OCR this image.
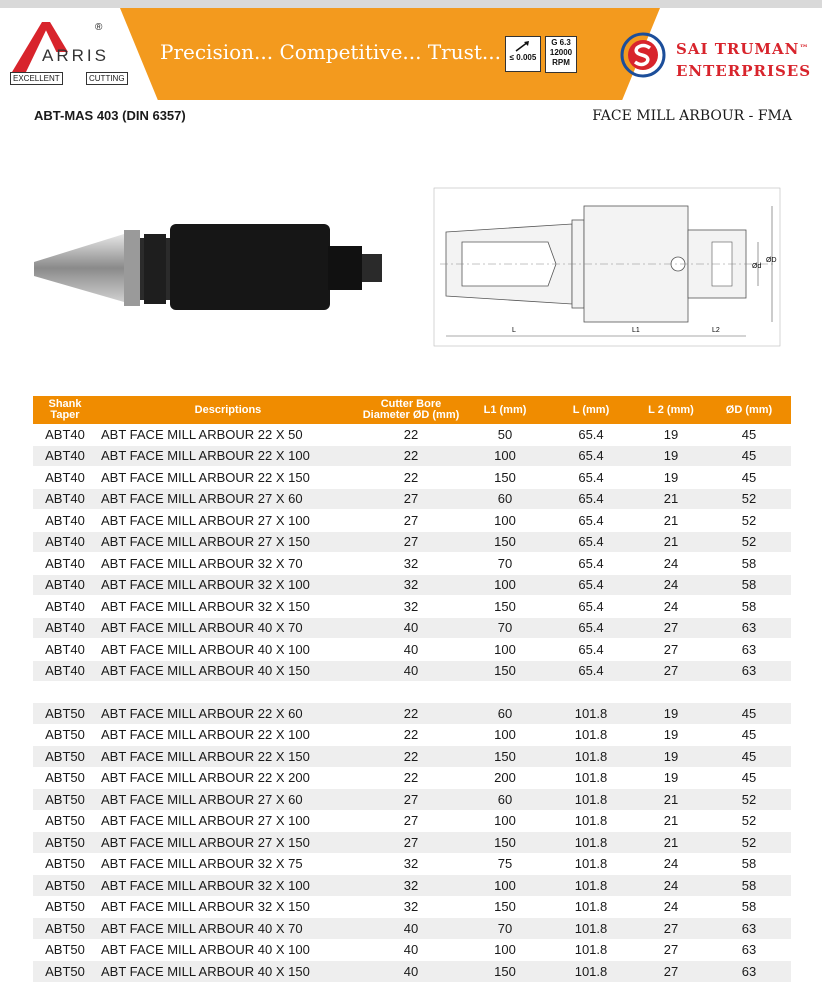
®
ARRIS
EXCELLENT	CUTTING
Precision... Competitive... Trust...	≤ 0.005
G 6.3
12000
RPM
SAI TRUMAN™
ENTERPRISES
ABT-MAS 403 (DIN 6357)	FACE MILL ARBOUR - FMA
L	L1	L2
Ød
ØD
Shank Taper	Descriptions	Cutter Bore Diameter ØD (mm)	L1 (mm)	L (mm)	L 2 (mm)	ØD (mm)
ABT40	ABT FACE MILL ARBOUR 22 X 50	22	50	65.4	19	45
ABT40	ABT FACE MILL ARBOUR 22 X 100	22	100	65.4	19	45
ABT40	ABT FACE MILL ARBOUR 22 X 150	22	150	65.4	19	45
ABT40	ABT FACE MILL ARBOUR 27 X 60	27	60	65.4	21	52
ABT40	ABT FACE MILL ARBOUR 27 X 100	27	100	65.4	21	52
ABT40	ABT FACE MILL ARBOUR 27 X 150	27	150	65.4	21	52
ABT40	ABT FACE MILL ARBOUR 32 X 70	32	70	65.4	24	58
ABT40	ABT FACE MILL ARBOUR 32 X 100	32	100	65.4	24	58
ABT40	ABT FACE MILL ARBOUR 32 X 150	32	150	65.4	24	58
ABT40	ABT FACE MILL ARBOUR 40 X 70	40	70	65.4	27	63
ABT40	ABT FACE MILL ARBOUR 40 X 100	40	100	65.4	27	63
ABT40	ABT FACE MILL ARBOUR 40 X 150	40	150	65.4	27	63

ABT50	ABT FACE MILL ARBOUR 22 X 60	22	60	101.8	19	45
ABT50	ABT FACE MILL ARBOUR 22 X 100	22	100	101.8	19	45
ABT50	ABT FACE MILL ARBOUR 22 X 150	22	150	101.8	19	45
ABT50	ABT FACE MILL ARBOUR 22 X 200	22	200	101.8	19	45
ABT50	ABT FACE MILL ARBOUR 27 X 60	27	60	101.8	21	52
ABT50	ABT FACE MILL ARBOUR 27 X 100	27	100	101.8	21	52
ABT50	ABT FACE MILL ARBOUR 27 X 150	27	150	101.8	21	52
ABT50	ABT FACE MILL ARBOUR 32 X 75	32	75	101.8	24	58
ABT50	ABT FACE MILL ARBOUR 32 X 100	32	100	101.8	24	58
ABT50	ABT FACE MILL ARBOUR 32 X 150	32	150	101.8	24	58
ABT50	ABT FACE MILL ARBOUR 40 X 70	40	70	101.8	27	63
ABT50	ABT FACE MILL ARBOUR 40 X 100	40	100	101.8	27	63
ABT50	ABT FACE MILL ARBOUR 40 X 150	40	150	101.8	27	63
